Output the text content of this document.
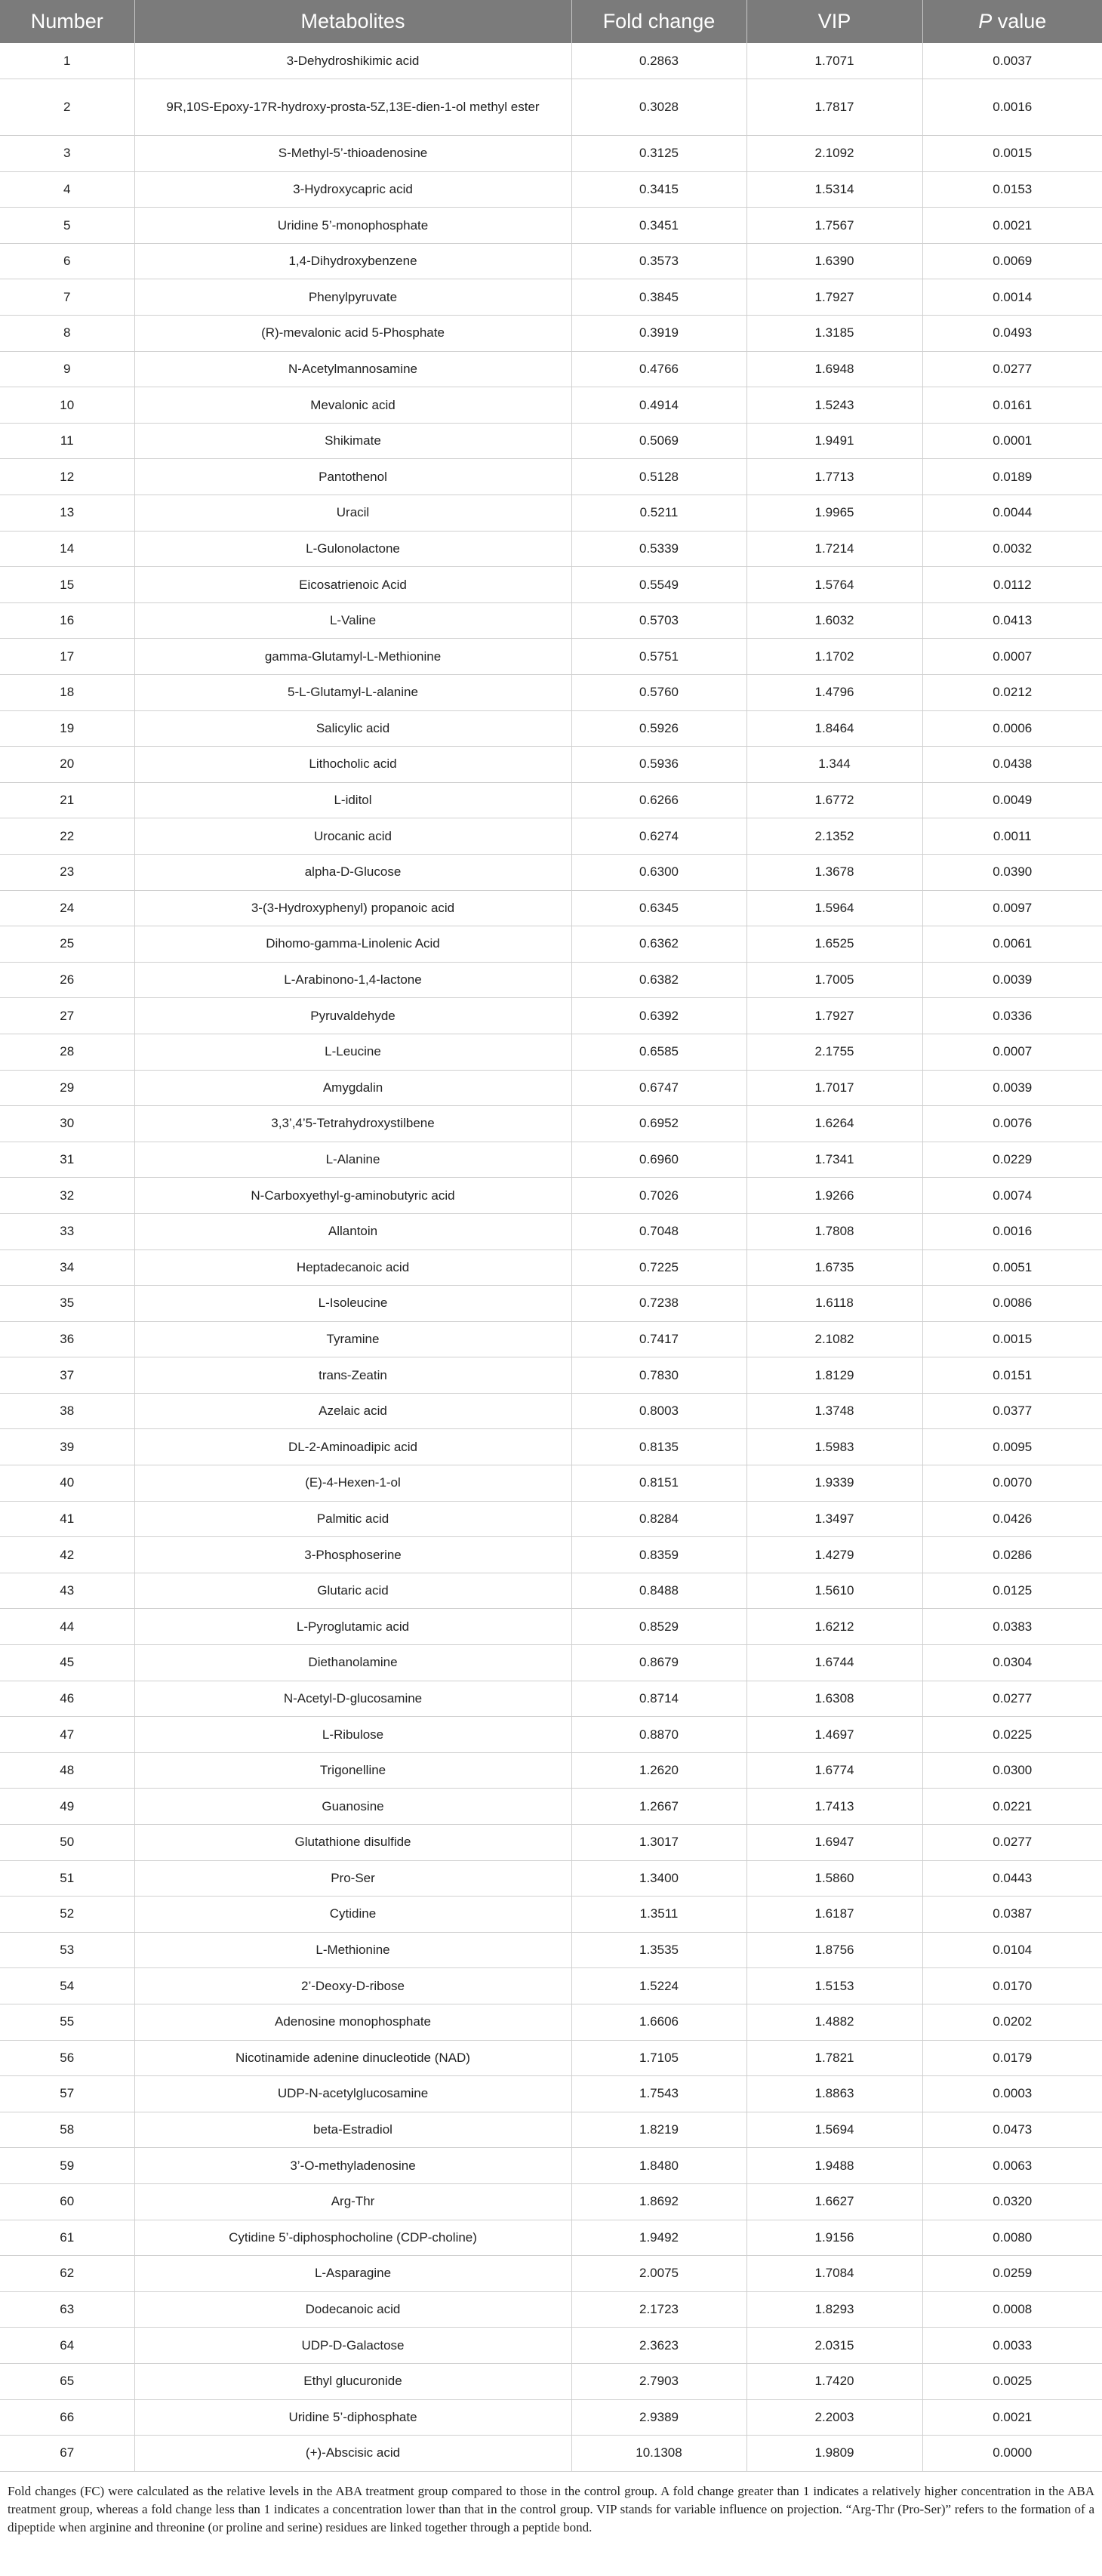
Number	Metabolites	Fold change	VIP	P value
1	3-Dehydroshikimic acid	0.2863	1.7071	0.0037
2	9R,10S-Epoxy-17R-hydroxy-prosta-5Z,13E-dien-1-ol methyl ester	0.3028	1.7817	0.0016
3	S-Methyl-5’-thioadenosine	0.3125	2.1092	0.0015
4	3-Hydroxycapric acid	0.3415	1.5314	0.0153
5	Uridine 5’-monophosphate	0.3451	1.7567	0.0021
6	1,4-Dihydroxybenzene	0.3573	1.6390	0.0069
7	Phenylpyruvate	0.3845	1.7927	0.0014
8	(R)-mevalonic acid 5-Phosphate	0.3919	1.3185	0.0493
9	N-Acetylmannosamine	0.4766	1.6948	0.0277
10	Mevalonic acid	0.4914	1.5243	0.0161
11	Shikimate	0.5069	1.9491	0.0001
12	Pantothenol	0.5128	1.7713	0.0189
13	Uracil	0.5211	1.9965	0.0044
14	L-Gulonolactone	0.5339	1.7214	0.0032
15	Eicosatrienoic Acid	0.5549	1.5764	0.0112
16	L-Valine	0.5703	1.6032	0.0413
17	gamma-Glutamyl-L-Methionine	0.5751	1.1702	0.0007
18	5-L-Glutamyl-L-alanine	0.5760	1.4796	0.0212
19	Salicylic acid	0.5926	1.8464	0.0006
20	Lithocholic acid	0.5936	1.344	0.0438
21	L-iditol	0.6266	1.6772	0.0049
22	Urocanic acid	0.6274	2.1352	0.0011
23	alpha-D-Glucose	0.6300	1.3678	0.0390
24	3-(3-Hydroxyphenyl) propanoic acid	0.6345	1.5964	0.0097
25	Dihomo-gamma-Linolenic Acid	0.6362	1.6525	0.0061
26	L-Arabinono-1,4-lactone	0.6382	1.7005	0.0039
27	Pyruvaldehyde	0.6392	1.7927	0.0336
28	L-Leucine	0.6585	2.1755	0.0007
29	Amygdalin	0.6747	1.7017	0.0039
30	3,3’,4’5-Tetrahydroxystilbene	0.6952	1.6264	0.0076
31	L-Alanine	0.6960	1.7341	0.0229
32	N-Carboxyethyl-g-aminobutyric acid	0.7026	1.9266	0.0074
33	Allantoin	0.7048	1.7808	0.0016
34	Heptadecanoic acid	0.7225	1.6735	0.0051
35	L-Isoleucine	0.7238	1.6118	0.0086
36	Tyramine	0.7417	2.1082	0.0015
37	trans-Zeatin	0.7830	1.8129	0.0151
38	Azelaic acid	0.8003	1.3748	0.0377
39	DL-2-Aminoadipic acid	0.8135	1.5983	0.0095
40	(E)-4-Hexen-1-ol	0.8151	1.9339	0.0070
41	Palmitic acid	0.8284	1.3497	0.0426
42	3-Phosphoserine	0.8359	1.4279	0.0286
43	Glutaric acid	0.8488	1.5610	0.0125
44	L-Pyroglutamic acid	0.8529	1.6212	0.0383
45	Diethanolamine	0.8679	1.6744	0.0304
46	N-Acetyl-D-glucosamine	0.8714	1.6308	0.0277
47	L-Ribulose	0.8870	1.4697	0.0225
48	Trigonelline	1.2620	1.6774	0.0300
49	Guanosine	1.2667	1.7413	0.0221
50	Glutathione disulfide	1.3017	1.6947	0.0277
51	Pro-Ser	1.3400	1.5860	0.0443
52	Cytidine	1.3511	1.6187	0.0387
53	L-Methionine	1.3535	1.8756	0.0104
54	2’-Deoxy-D-ribose	1.5224	1.5153	0.0170
55	Adenosine monophosphate	1.6606	1.4882	0.0202
56	Nicotinamide adenine dinucleotide (NAD)	1.7105	1.7821	0.0179
57	UDP-N-acetylglucosamine	1.7543	1.8863	0.0003
58	beta-Estradiol	1.8219	1.5694	0.0473
59	3’-O-methyladenosine	1.8480	1.9488	0.0063
60	Arg-Thr	1.8692	1.6627	0.0320
61	Cytidine 5’-diphosphocholine (CDP-choline)	1.9492	1.9156	0.0080
62	L-Asparagine	2.0075	1.7084	0.0259
63	Dodecanoic acid	2.1723	1.8293	0.0008
64	UDP-D-Galactose	2.3623	2.0315	0.0033
65	Ethyl glucuronide	2.7903	1.7420	0.0025
66	Uridine 5’-diphosphate	2.9389	2.2003	0.0021
67	(+)-Abscisic acid	10.1308	1.9809	0.0000
Fold changes (FC) were calculated as the relative levels in the ABA treatment group compared to those in the control group. A fold change greater than 1 indicates a relatively higher concentration in the ABA treatment group, whereas a fold change less than 1 indicates a concentration lower than that in the control group. VIP stands for variable influence on projection. “Arg-Thr (Pro-Ser)” refers to the formation of a dipeptide when arginine and threonine (or proline and serine) residues are linked together through a peptide bond.
